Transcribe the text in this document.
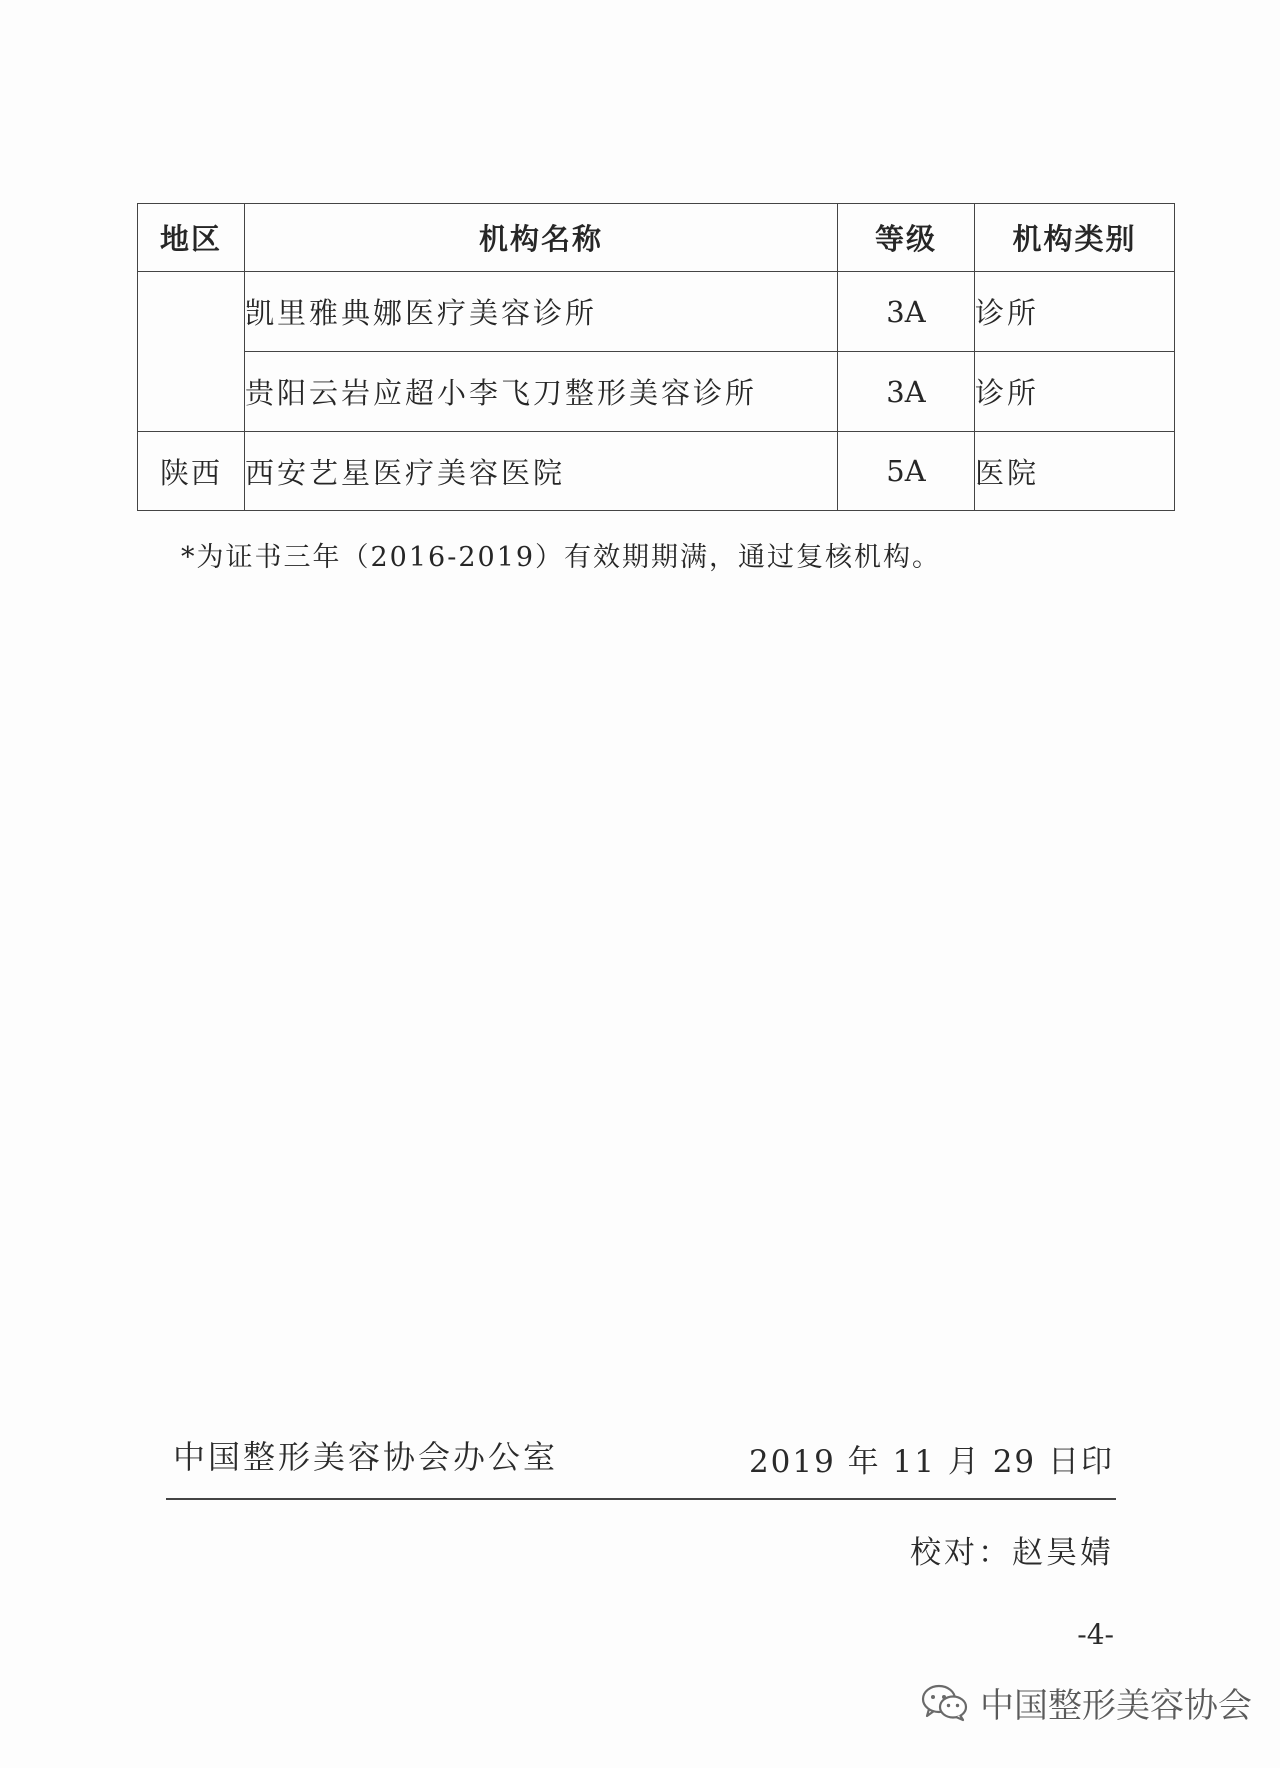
地区	机构名称	等级	机构类别
	凯里雅典娜医疗美容诊所	3A	诊所
	贵阳云岩应超小李飞刀整形美容诊所	3A	诊所
陕西	西安艺星医疗美容医院	5A	医院
*为证书三年（2016-2019）有效期期满，通过复核机构。
中国整形美容协会办公室	2019 年 11 月 29 日印
校对：赵昊婧
-4-
中国整形美容协会
